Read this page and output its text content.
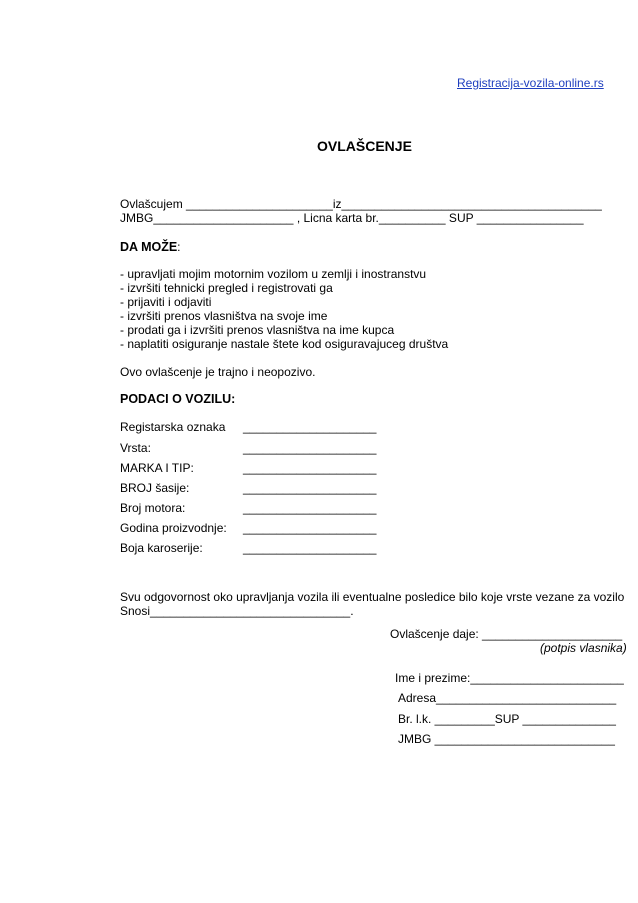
Registracija-vozila-online.rs
OVLAŠCENJE
Ovlašcujem ______________________iz_______________________________________
JMBG_____________________ , Licna karta br.__________ SUP ________________
DA MOŽE:
- upravljati mojim motornim vozilom u zemlji i inostranstvu
- izvršiti tehnicki pregled i registrovati ga
- prijaviti i odjaviti
- izvršiti prenos vlasništva na svoje ime
- prodati ga i izvršiti prenos vlasništva na ime kupca
- naplatiti osiguranje nastale štete kod osiguravajuceg društva
Ovo ovlašcenje je trajno i neopozivo.
PODACI O VOZILU:
Registarska oznaka ____________________
Vrsta:	____________________
MARKA I TIP:	____________________
BROJ šasije:	____________________
Broj motora:	____________________
Godina proizvodnje: ____________________
Boja karoserije:	____________________
Svu odgovornost oko upravljanja vozila ili eventualne posledice bilo koje vrste vezane za vozilo
Snosi______________________________.
Ovlašcenje daje: _____________________
(potpis vlasnika)
Ime i prezime:_______________________
Adresa___________________________
Br. l.k. _________SUP ______________
JMBG ___________________________
